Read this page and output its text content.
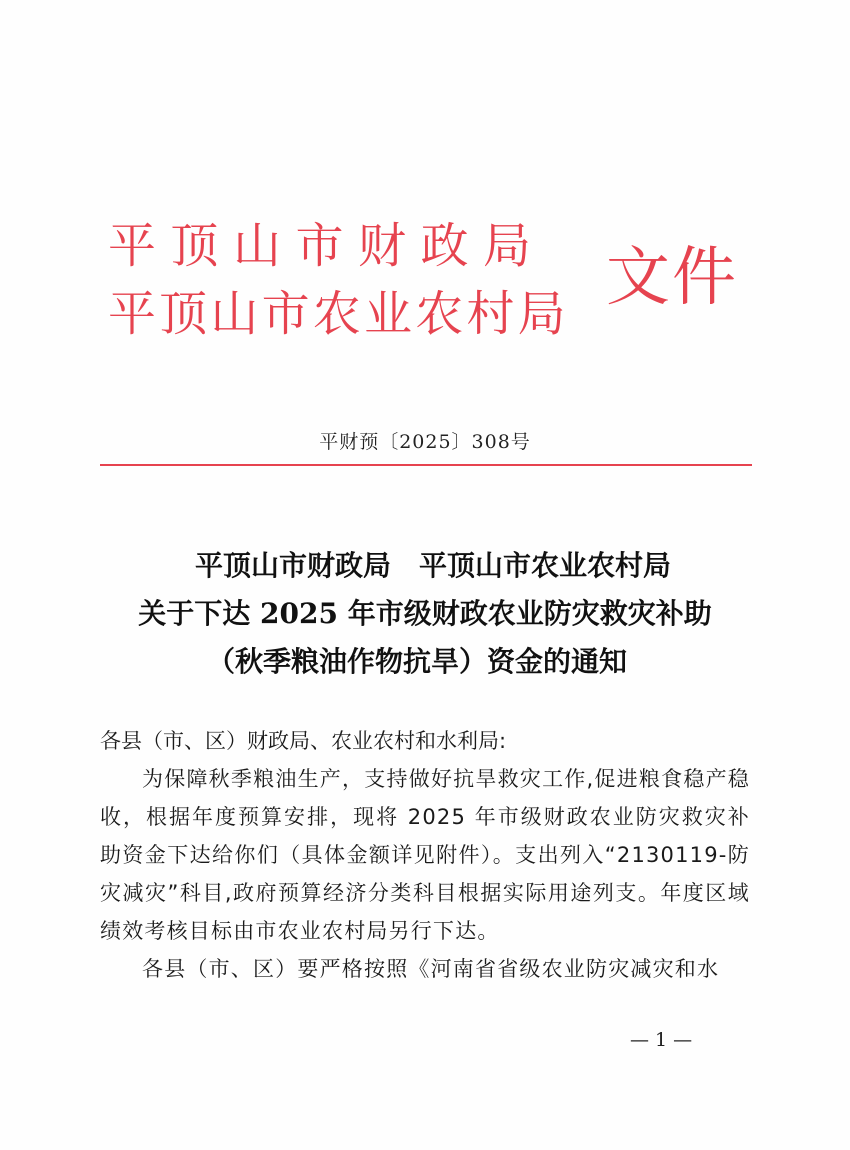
平顶山市财政局
平顶山市农业农村局 文件
平财预〔2025〕308号
平顶山市财政局　平顶山市农业农村局
关于下达 2025 年市级财政农业防灾救灾补助
（秋季粮油作物抗旱）资金的通知
各县（市、区）财政局、农业农村和水利局:
为保障秋季粮油生产，支持做好抗旱救灾工作,促进粮食稳产稳收，根据年度预算安排，现将 2025 年市级财政农业防灾救灾补助资金下达给你们（具体金额详见附件）。支出列入“2130119-防灾减灾”科目,政府预算经济分类科目根据实际用途列支。年度区域绩效考核目标由市农业农村局另行下达。
各县（市、区）要严格按照《河南省省级农业防灾减灾和水
— 1 —
